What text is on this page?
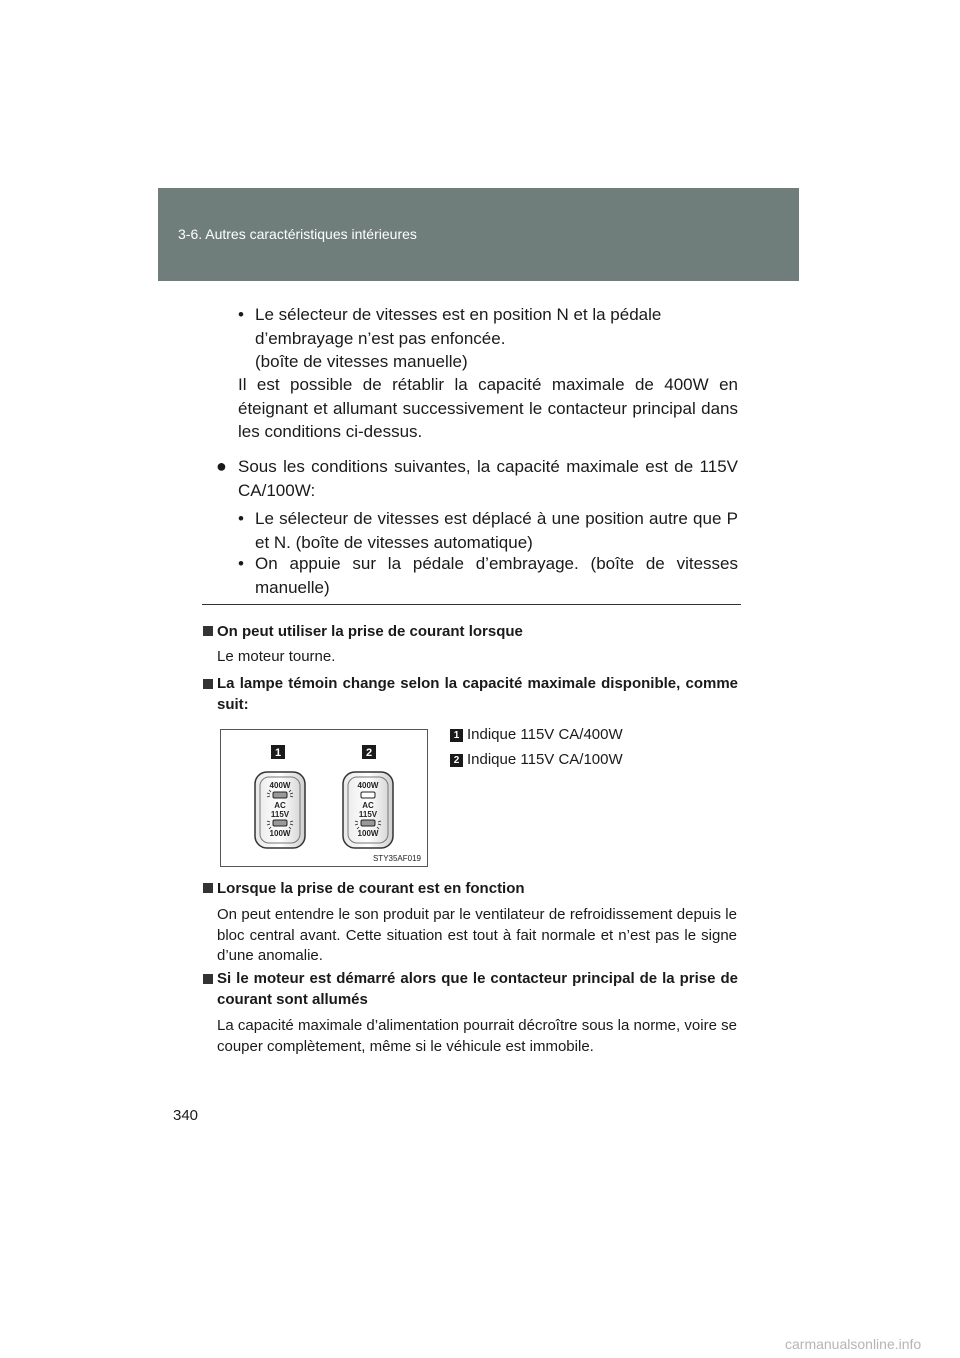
3-6. Autres caractéristiques intérieures
• Le sélecteur de vitesses est en position N et la pédale
d’embrayage n’est pas enfoncée.
(boîte de vitesses manuelle)
Il est possible de rétablir la capacité maximale de 400W en éteignant et allumant successivement le contacteur principal dans les conditions ci-dessus.
● Sous les conditions suivantes, la capacité maximale est de 115V CA/100W:
• Le sélecteur de vitesses est déplacé à une position autre que P et N. (boîte de vitesses automatique)
• On appuie sur la pédale d’embrayage. (boîte de vitesses manuelle)
On peut utiliser la prise de courant lorsque
Le moteur tourne.
La lampe témoin change selon la capacité maximale disponible, comme suit:
1 Indique 115V CA/400W
2 Indique 115V CA/100W
1	2
400W
AC
115V
100W
400W
AC
115V
100W
STY35AF019
Lorsque la prise de courant est en fonction
On peut entendre le son produit par le ventilateur de refroidissement depuis le bloc central avant. Cette situation est tout à fait normale et n’est pas le signe d’une anomalie.
Si le moteur est démarré alors que le contacteur principal de la prise de courant sont allumés
La capacité maximale d’alimentation pourrait décroître sous la norme, voire se couper complètement, même si le véhicule est immobile.
340
carmanualsonline.info
